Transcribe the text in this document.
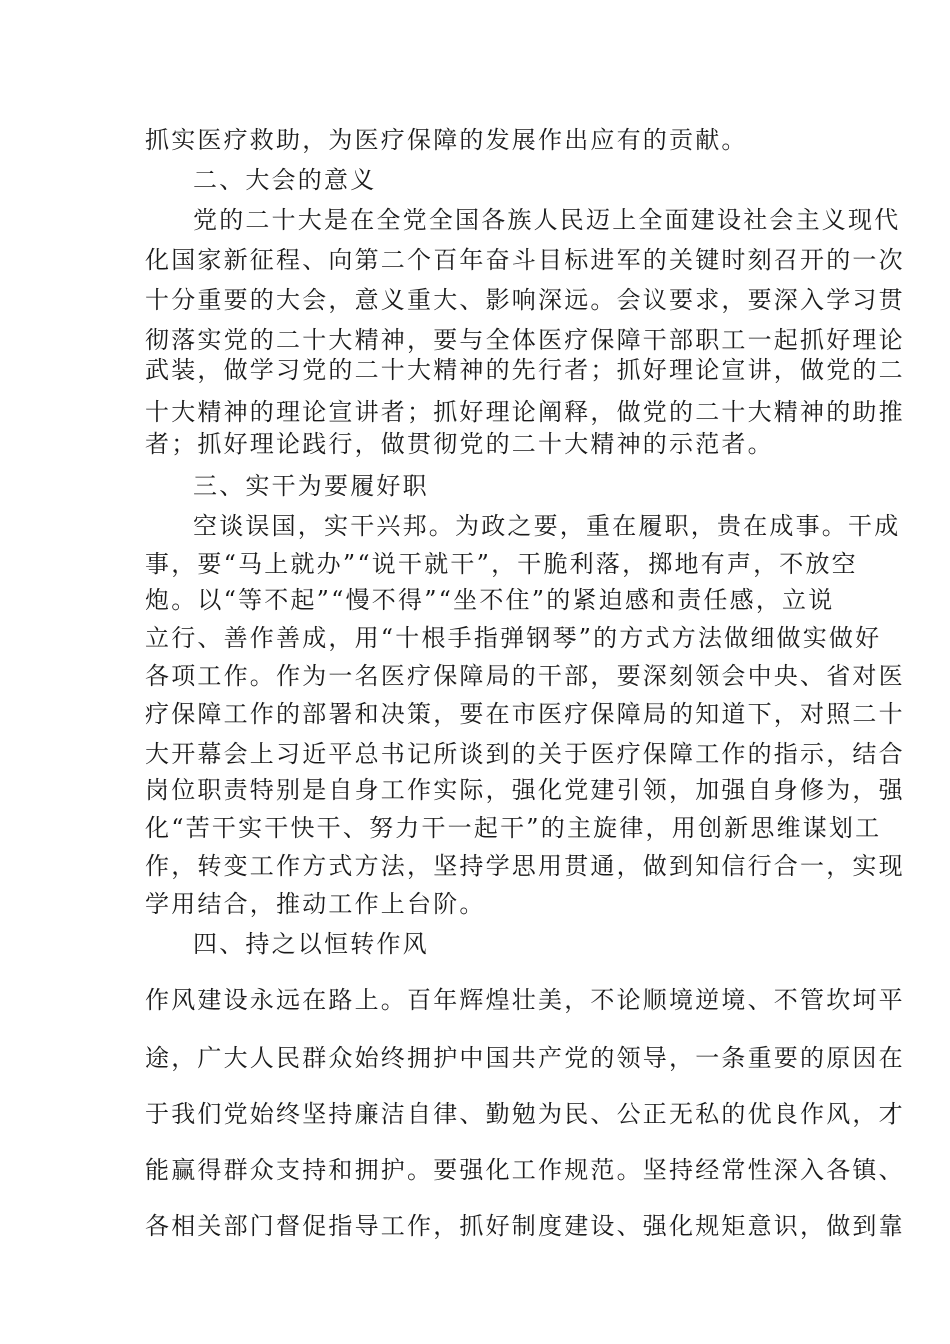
抓实医疗救助，为医疗保障的发展作出应有的贡献。
二、大会的意义
党的二十大是在全党全国各族人民迈上全面建设社会主义现代
化国家新征程、向第二个百年奋斗目标进军的关键时刻召开的一次
十分重要的大会，意义重大、影响深远。会议要求，要深入学习贯
彻落实党的二十大精神，要与全体医疗保障干部职工一起抓好理论
武装，做学习党的二十大精神的先行者；抓好理论宣讲，做党的二
十大精神的理论宣讲者；抓好理论阐释，做党的二十大精神的助推
者；抓好理论践行，做贯彻党的二十大精神的示范者。
三、实干为要履好职
空谈误国，实干兴邦。为政之要，重在履职，贵在成事。干成
事，要“马上就办”“说干就干”，干脆利落，掷地有声，不放空
炮。以“等不起”“慢不得”“坐不住”的紧迫感和责任感，立说
立行、善作善成，用“十根手指弹钢琴”的方式方法做细做实做好
各项工作。作为一名医疗保障局的干部，要深刻领会中央、省对医
疗保障工作的部署和决策，要在市医疗保障局的知道下，对照二十
大开幕会上习近平总书记所谈到的关于医疗保障工作的指示，结合
岗位职责特别是自身工作实际，强化党建引领，加强自身修为，强
化“苦干实干快干、努力干一起干”的主旋律，用创新思维谋划工
作，转变工作方式方法，坚持学思用贯通，做到知信行合一，实现
学用结合，推动工作上台阶。
四、持之以恒转作风
作风建设永远在路上。百年辉煌壮美，不论顺境逆境、不管坎坷平
途，广大人民群众始终拥护中国共产党的领导，一条重要的原因在
于我们党始终坚持廉洁自律、勤勉为民、公正无私的优良作风，才
能赢得群众支持和拥护。要强化工作规范。坚持经常性深入各镇、
各相关部门督促指导工作，抓好制度建设、强化规矩意识，做到靠
